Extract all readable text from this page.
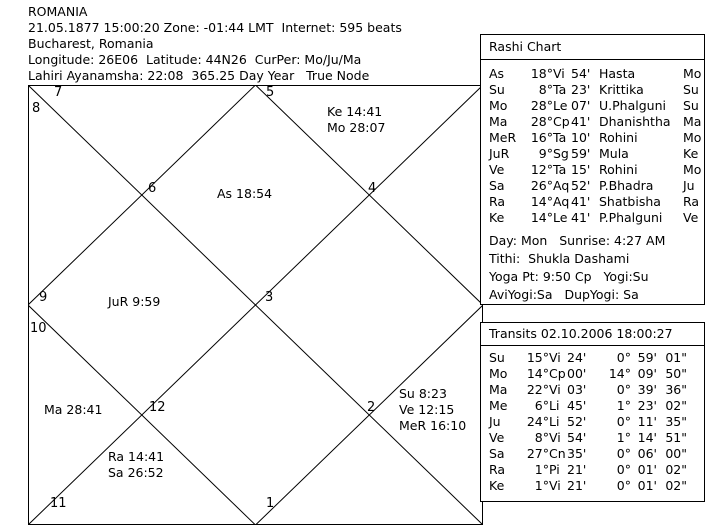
ROMANIA
21.05.1877 15:00:20 Zone: -01:44 LMT  Internet: 595 beats
Bucharest, Romania
Longitude: 26E06  Latitude: 44N26  CurPer: Mo/Ju/Ma
Lahiri Ayanamsha: 22:08  365.25 Day Year   True Node
7
8
5
6	4
9	3
10
12	2
11	1
As 18:54
Ke 14:41
Mo 28:07
JuR 9:59
Ma 28:41
Ra 14:41
Sa 26:52
Su 8:23
Ve 12:15
MeR 16:10
Rashi Chart
As	18°	Vi	54'	Hasta	Mo
Su	8°	Ta	23'	Krittika	Su
Mo	28°	Le	07'	U.Phalguni	Su
Ma	28°	Cp	41'	Dhanishtha	Ma
MeR	16°	Ta	10'	Rohini	Mo
JuR	9°	Sg	59'	Mula	Ke
Ve	12°	Ta	15'	Rohini	Mo
Sa	26°	Aq	52'	P.Bhadra	Ju
Ra	14°	Aq	41'	Shatbisha	Ra
Ke	14°	Le	41'	P.Phalguni	Ve
Day: Mon   Sunrise: 4:27 AM
Tithi:  Shukla Dashami
Yoga Pt: 9:50 Cp   Yogi:Su
AviYogi:Sa   DupYogi: Sa
Transits 02.10.2006 18:00:27
Su	15°	Vi	24'	0°	59'	01"
Mo	14°	Cp	00'	14°	09'	50"
Ma	22°	Vi	03'	0°	39'	36"
Me	6°	Li	45'	1°	23'	02"
Ju	24°	Li	52'	0°	11'	35"
Ve	8°	Vi	54'	1°	14'	51"
Sa	27°	Cn	35'	0°	06'	00"
Ra	1°	Pi	21'	0°	01'	02"
Ke	1°	Vi	21'	0°	01'	02"
